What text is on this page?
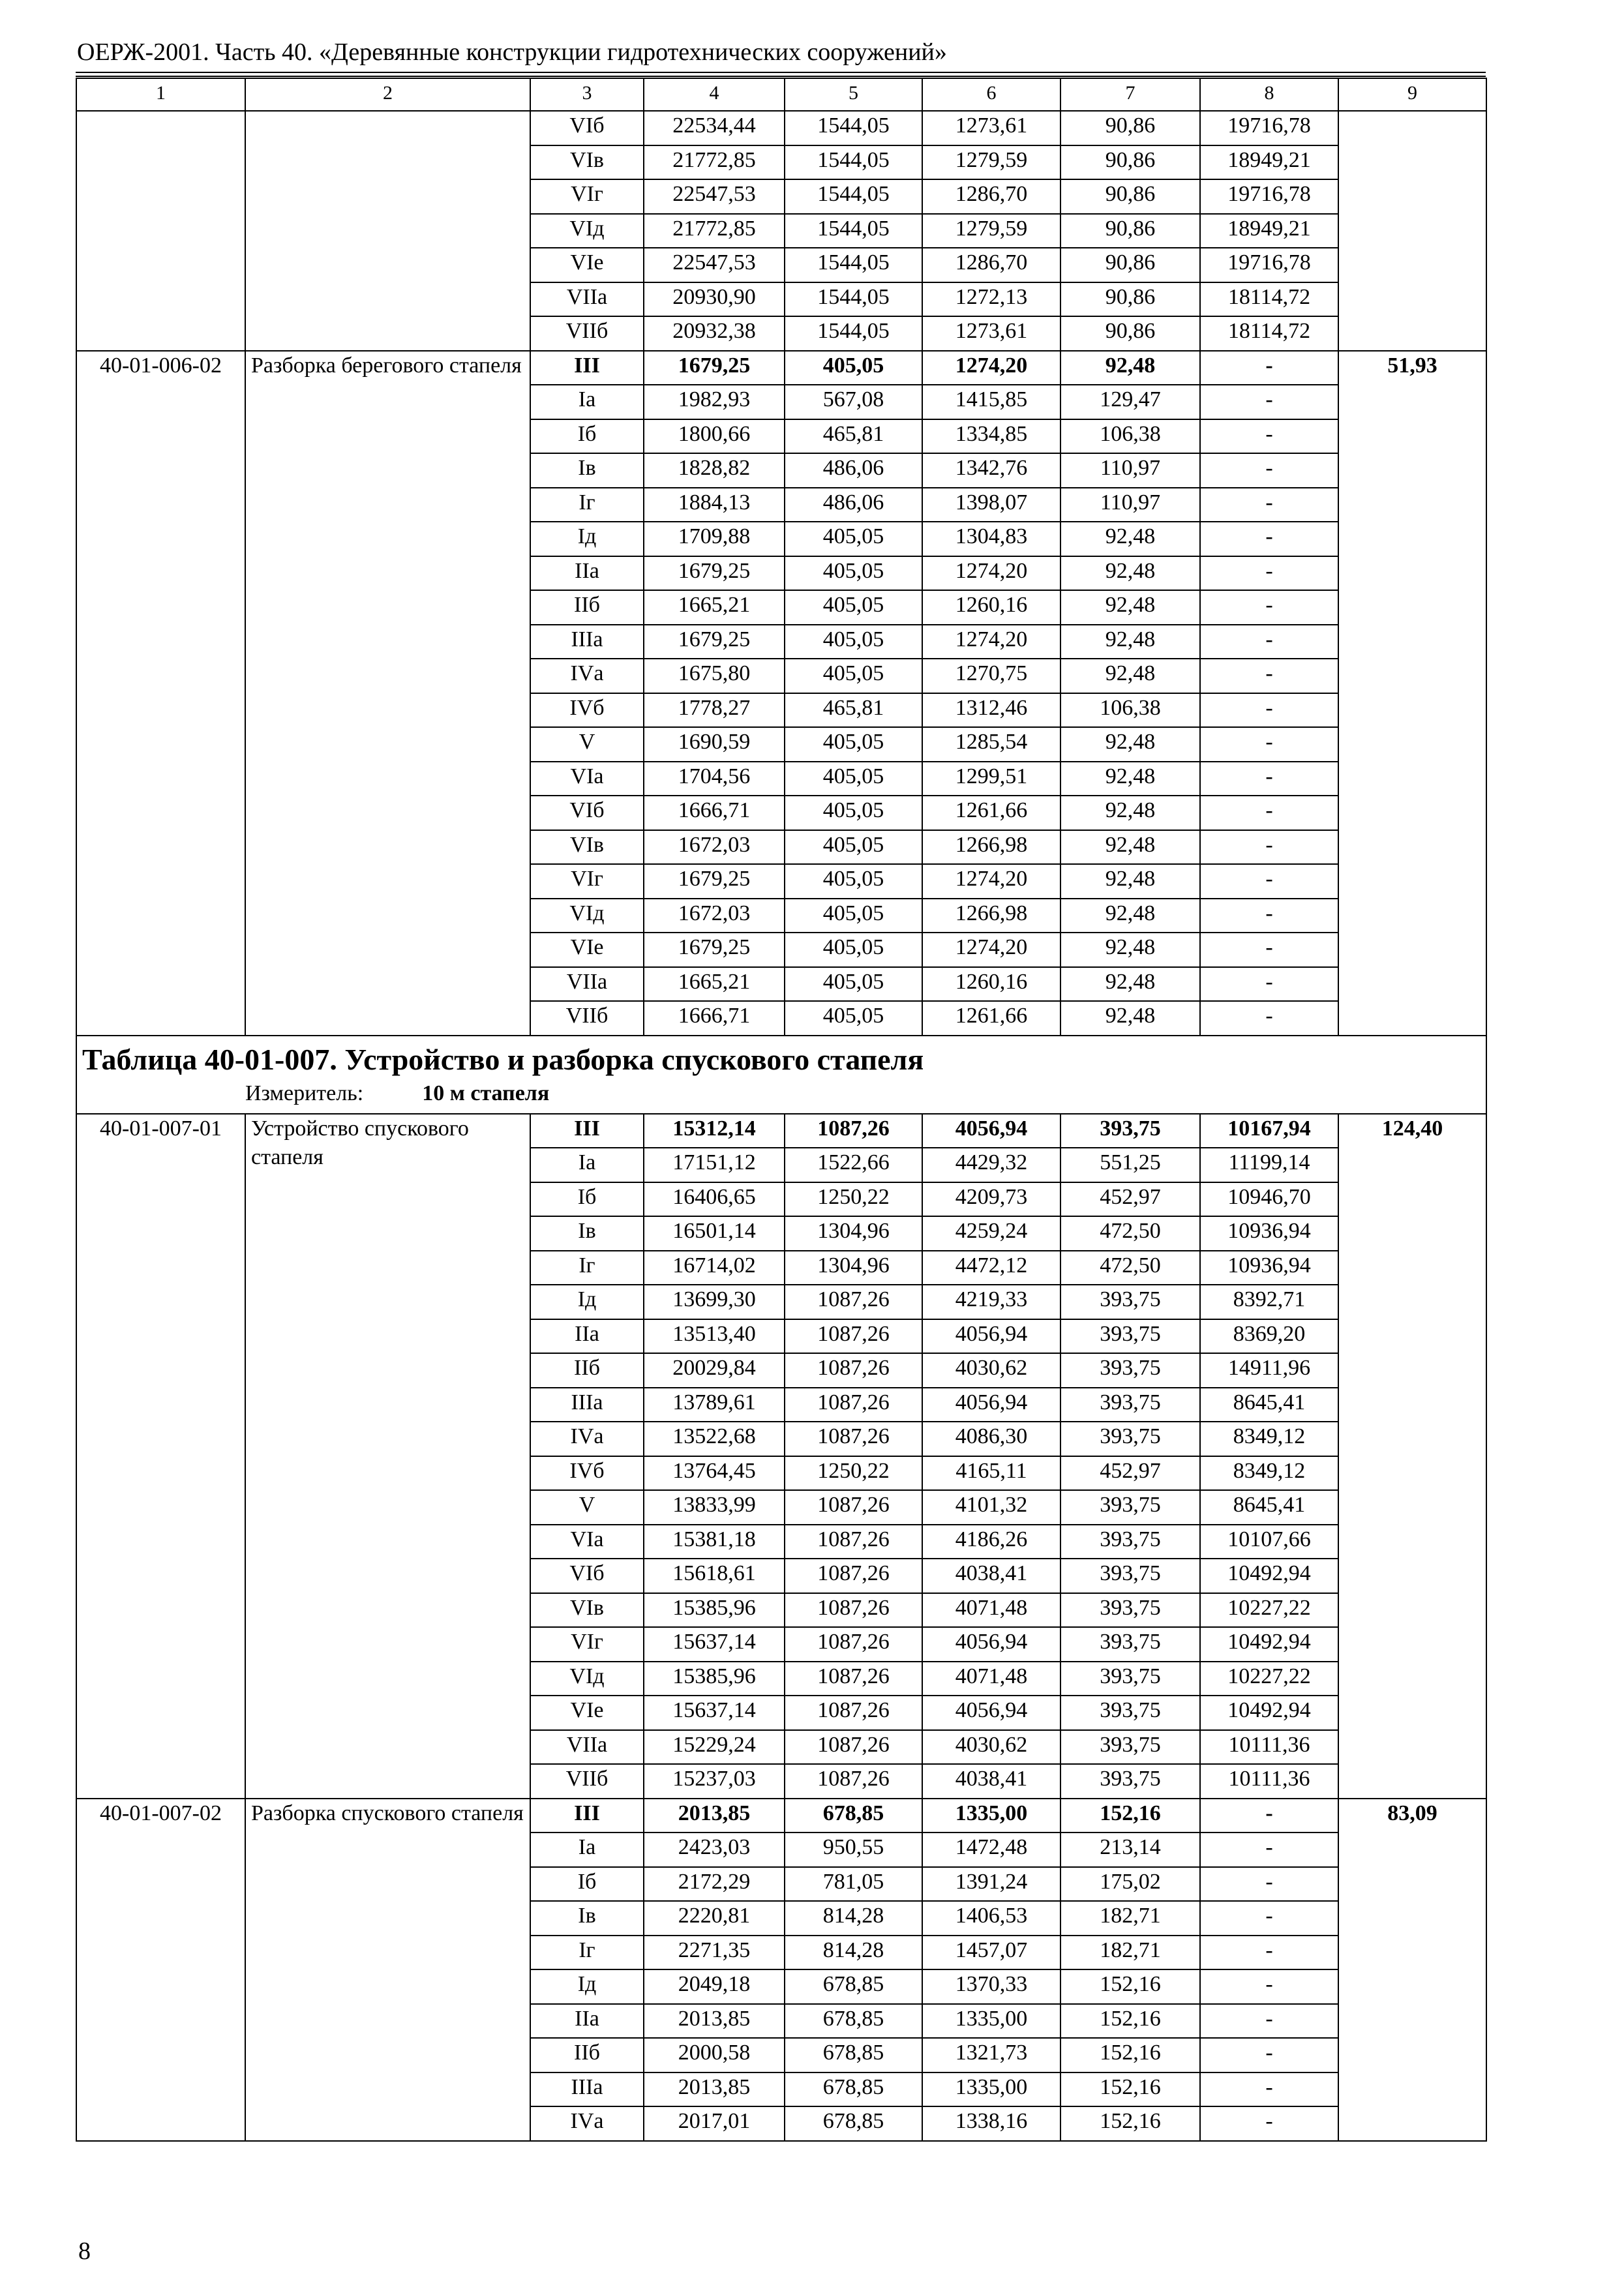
ОЕРЖ-2001. Часть 40. «Деревянные конструкции гидротехнических сооружений»
1	2	3	4	5	6	7	8	9
		VIб	22534,44	1544,05	1273,61	90,86	19716,78	
		VIв	21772,85	1544,05	1279,59	90,86	18949,21	
		VIг	22547,53	1544,05	1286,70	90,86	19716,78	
		VIд	21772,85	1544,05	1279,59	90,86	18949,21	
		VIе	22547,53	1544,05	1286,70	90,86	19716,78	
		VIIа	20930,90	1544,05	1272,13	90,86	18114,72	
		VIIб	20932,38	1544,05	1273,61	90,86	18114,72	
40-01-006-02	Разборка берегового стапеля	III	1679,25	405,05	1274,20	92,48	-	51,93
		Iа	1982,93	567,08	1415,85	129,47	-	
		Iб	1800,66	465,81	1334,85	106,38	-	
		Iв	1828,82	486,06	1342,76	110,97	-	
		Iг	1884,13	486,06	1398,07	110,97	-	
		Iд	1709,88	405,05	1304,83	92,48	-	
		IIа	1679,25	405,05	1274,20	92,48	-	
		IIб	1665,21	405,05	1260,16	92,48	-	
		IIIа	1679,25	405,05	1274,20	92,48	-	
		IVа	1675,80	405,05	1270,75	92,48	-	
		IVб	1778,27	465,81	1312,46	106,38	-	
		V	1690,59	405,05	1285,54	92,48	-	
		VIа	1704,56	405,05	1299,51	92,48	-	
		VIб	1666,71	405,05	1261,66	92,48	-	
		VIв	1672,03	405,05	1266,98	92,48	-	
		VIг	1679,25	405,05	1274,20	92,48	-	
		VIд	1672,03	405,05	1266,98	92,48	-	
		VIе	1679,25	405,05	1274,20	92,48	-	
		VIIа	1665,21	405,05	1260,16	92,48	-	
		VIIб	1666,71	405,05	1261,66	92,48	-	

Таблица 40-01-007. Устройство и разборка спускового стапеля
Измеритель: 10 м стапеля								

40-01-007-01	Устройство спускового стапеля	III	15312,14	1087,26	4056,94	393,75	10167,94	124,40
		Iа	17151,12	1522,66	4429,32	551,25	11199,14	
		Iб	16406,65	1250,22	4209,73	452,97	10946,70	
		Iв	16501,14	1304,96	4259,24	472,50	10936,94	
		Iг	16714,02	1304,96	4472,12	472,50	10936,94	
		Iд	13699,30	1087,26	4219,33	393,75	8392,71	
		IIа	13513,40	1087,26	4056,94	393,75	8369,20	
		IIб	20029,84	1087,26	4030,62	393,75	14911,96	
		IIIа	13789,61	1087,26	4056,94	393,75	8645,41	
		IVа	13522,68	1087,26	4086,30	393,75	8349,12	
		IVб	13764,45	1250,22	4165,11	452,97	8349,12	
		V	13833,99	1087,26	4101,32	393,75	8645,41	
		VIа	15381,18	1087,26	4186,26	393,75	10107,66	
		VIб	15618,61	1087,26	4038,41	393,75	10492,94	
		VIв	15385,96	1087,26	4071,48	393,75	10227,22	
		VIг	15637,14	1087,26	4056,94	393,75	10492,94	
		VIд	15385,96	1087,26	4071,48	393,75	10227,22	
		VIе	15637,14	1087,26	4056,94	393,75	10492,94	
		VIIа	15229,24	1087,26	4030,62	393,75	10111,36	
		VIIб	15237,03	1087,26	4038,41	393,75	10111,36	
40-01-007-02	Разборка спускового стапеля	III	2013,85	678,85	1335,00	152,16	-	83,09
		Iа	2423,03	950,55	1472,48	213,14	-	
		Iб	2172,29	781,05	1391,24	175,02	-	
		Iв	2220,81	814,28	1406,53	182,71	-	
		Iг	2271,35	814,28	1457,07	182,71	-	
		Iд	2049,18	678,85	1370,33	152,16	-	
		IIа	2013,85	678,85	1335,00	152,16	-	
		IIб	2000,58	678,85	1321,73	152,16	-	
		IIIа	2013,85	678,85	1335,00	152,16	-	
		IVа	2017,01	678,85	1338,16	152,16	-	
8
